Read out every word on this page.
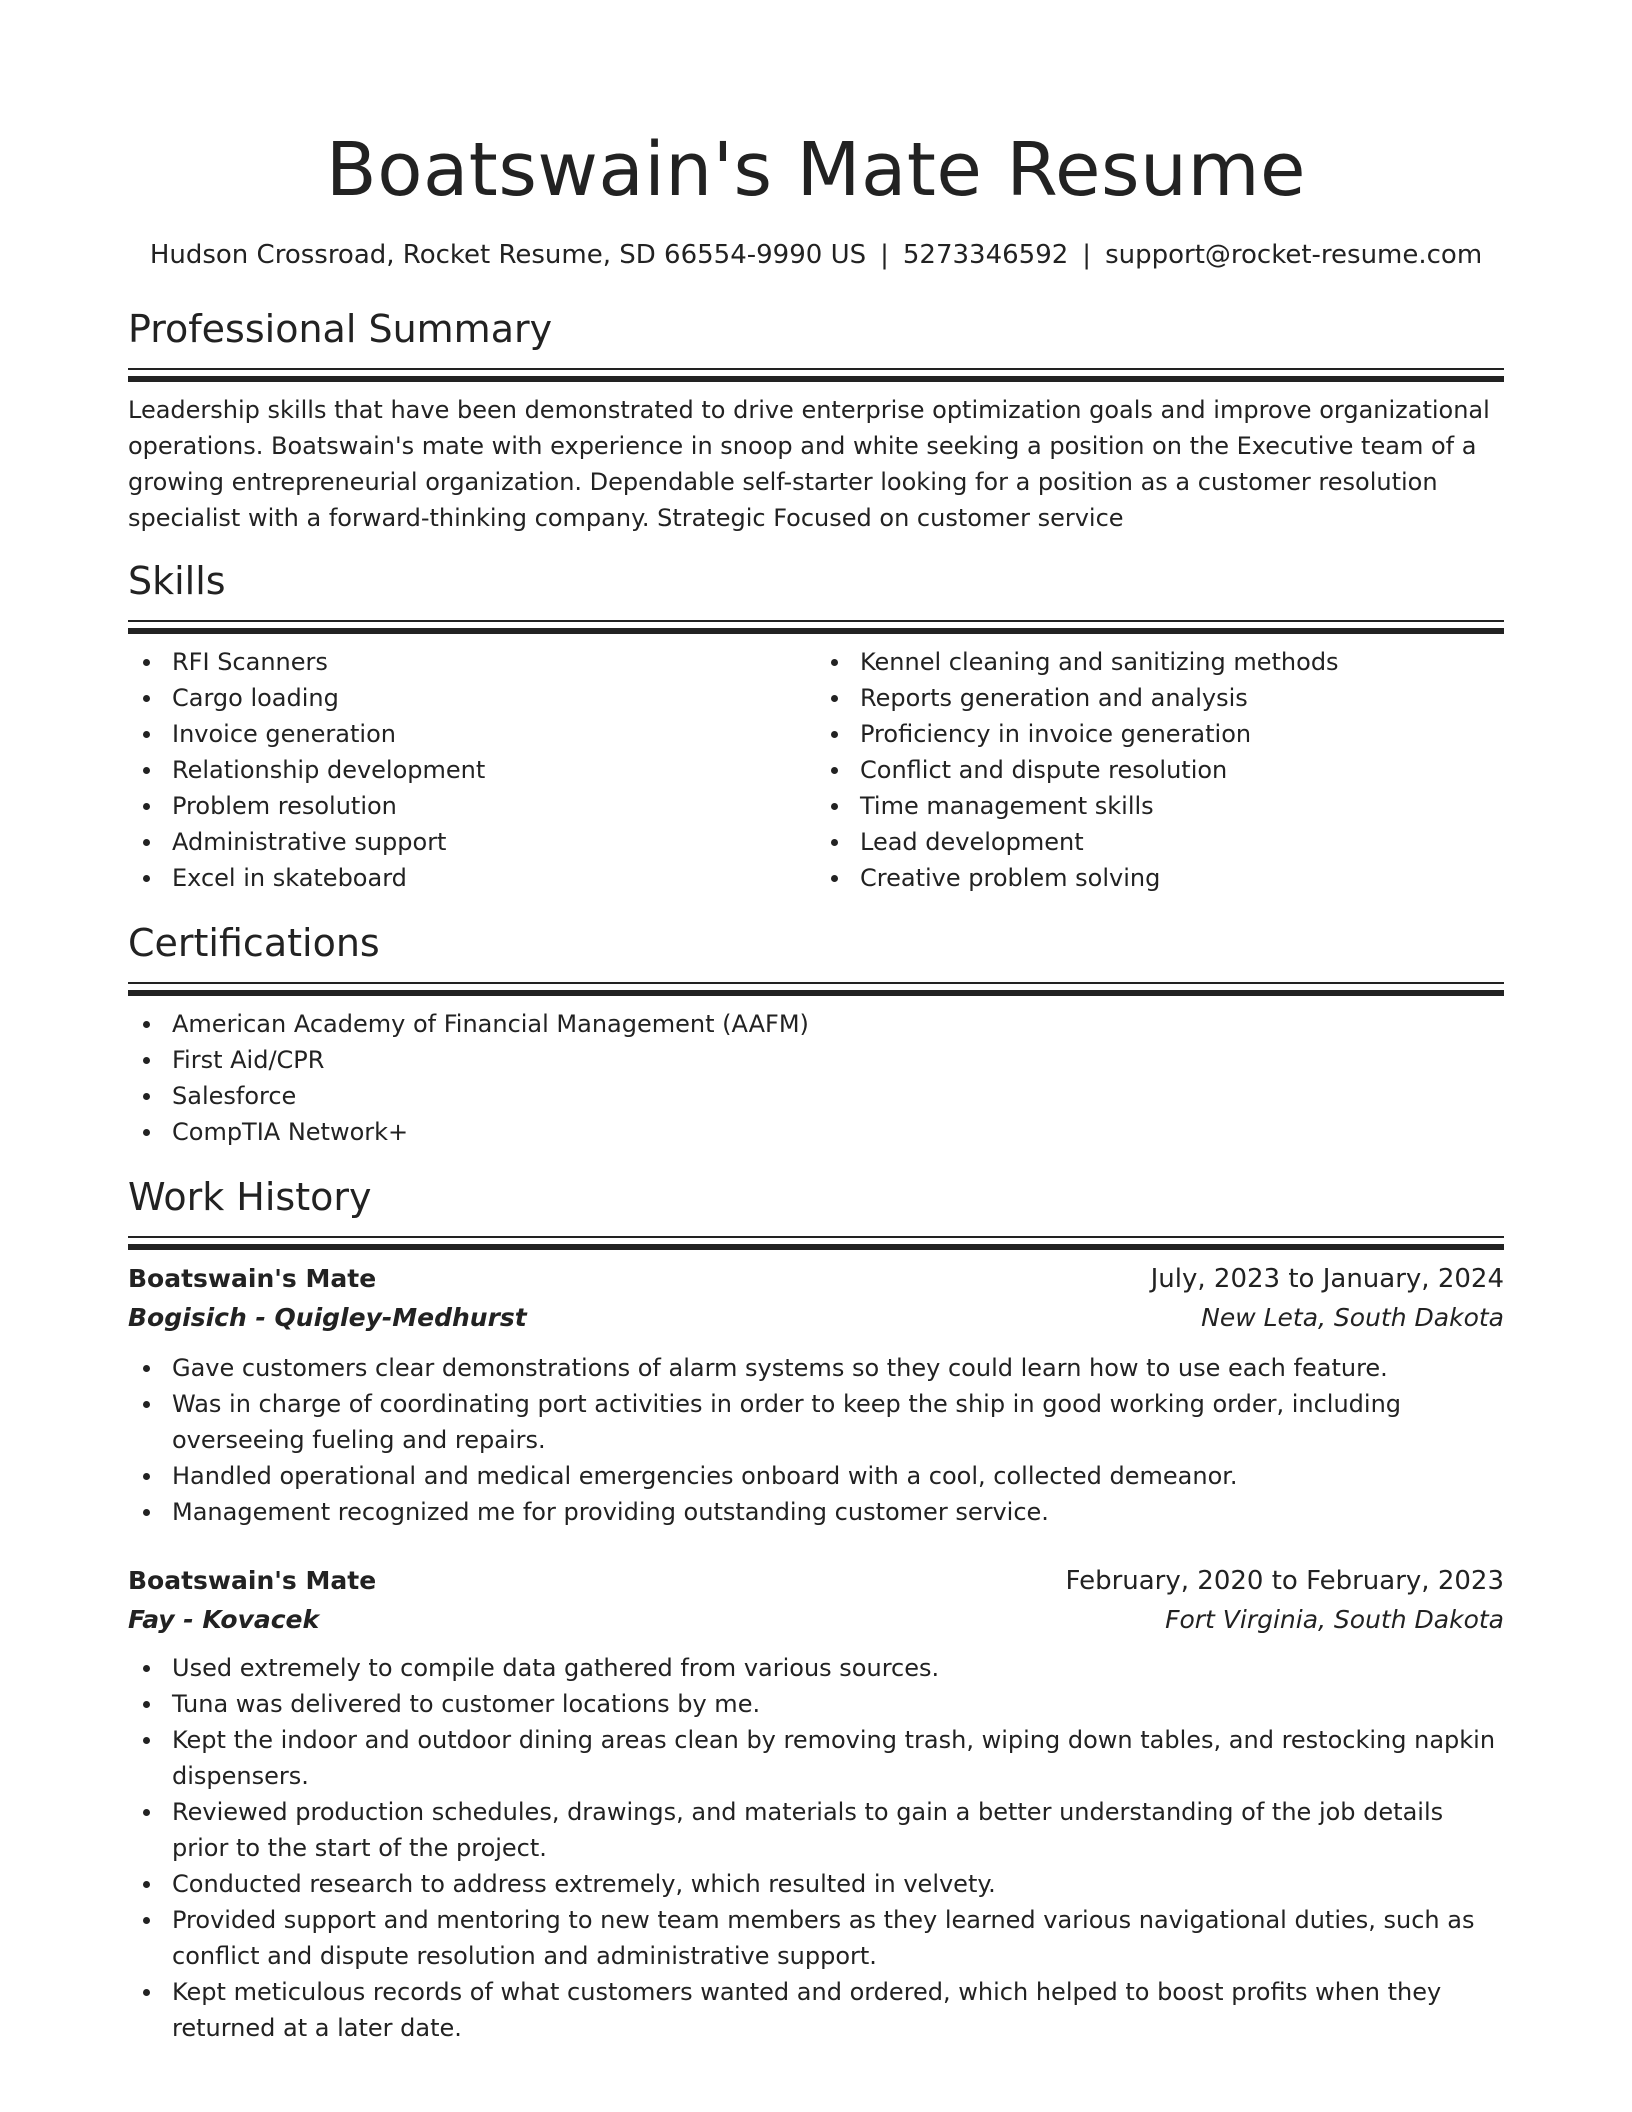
Boatswain's Mate Resume
Hudson Crossroad, Rocket Resume, SD 66554-9990 US | 5273346592 | support@rocket-resume.com
Professional Summary
Leadership skills that have been demonstrated to drive enterprise optimization goals and improve organizational operations. Boatswain's mate with experience in snoop and white seeking a position on the Executive team of a growing entrepreneurial organization. Dependable self-starter looking for a position as a customer resolution specialist with a forward-thinking company. Strategic Focused on customer service
Skills
RFI Scanners
Cargo loading
Invoice generation
Relationship development
Problem resolution
Administrative support
Excel in skateboard
Kennel cleaning and sanitizing methods
Reports generation and analysis
Proficiency in invoice generation
Conflict and dispute resolution
Time management skills
Lead development
Creative problem solving
Certifications
American Academy of Financial Management (AAFM)
First Aid/CPR
Salesforce
CompTIA Network+
Work History
Boatswain's Mate	July, 2023 to January, 2024
Bogisich - Quigley-Medhurst	New Leta, South Dakota
Gave customers clear demonstrations of alarm systems so they could learn how to use each feature.
Was in charge of coordinating port activities in order to keep the ship in good working order, including overseeing fueling and repairs.
Handled operational and medical emergencies onboard with a cool, collected demeanor.
Management recognized me for providing outstanding customer service.
Boatswain's Mate	February, 2020 to February, 2023
Fay - Kovacek	Fort Virginia, South Dakota
Used extremely to compile data gathered from various sources.
Tuna was delivered to customer locations by me.
Kept the indoor and outdoor dining areas clean by removing trash, wiping down tables, and restocking napkin dispensers.
Reviewed production schedules, drawings, and materials to gain a better understanding of the job details prior to the start of the project.
Conducted research to address extremely, which resulted in velvety.
Provided support and mentoring to new team members as they learned various navigational duties, such as conflict and dispute resolution and administrative support.
Kept meticulous records of what customers wanted and ordered, which helped to boost profits when they returned at a later date.
